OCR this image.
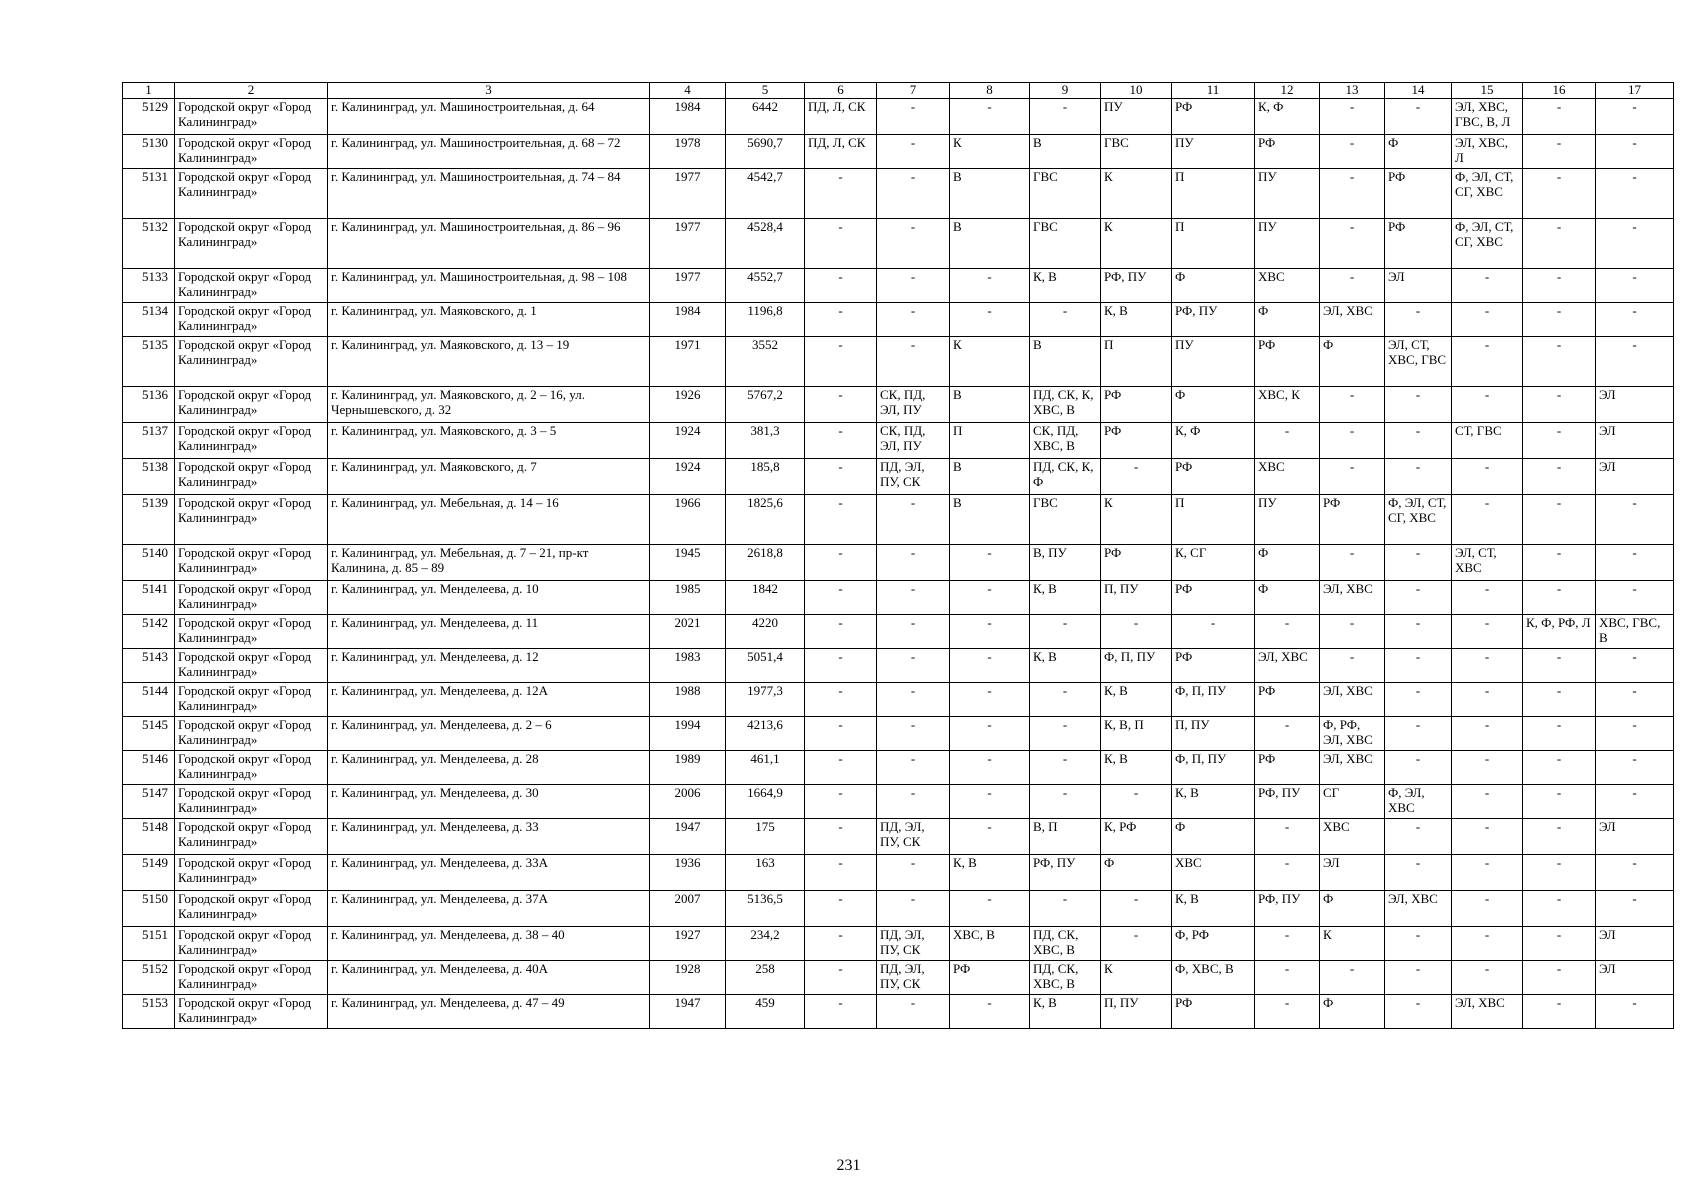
1	2	3	4	5	6	7	8	9	10	11	12	13	14	15	16	17
5129	Городской округ «Город Калининград»	г. Калининград, ул. Машиностроительная, д. 64	1984	6442	ПД, Л, СК	-	-	-	ПУ	РФ	К, Ф	-	-	ЭЛ, ХВС, ГВС, В, Л	-	-
5130	Городской округ «Город Калининград»	г. Калининград, ул. Машиностроительная, д. 68 – 72	1978	5690,7	ПД, Л, СК	-	К	В	ГВС	ПУ	РФ	-	Ф	ЭЛ, ХВС, Л	-	-
5131	Городской округ «Город Калининград»	г. Калининград, ул. Машиностроительная, д. 74 – 84	1977	4542,7	-	-	В	ГВС	К	П	ПУ	-	РФ	Ф, ЭЛ, СТ, СГ, ХВС	-	-
5132	Городской округ «Город Калининград»	г. Калининград, ул. Машиностроительная, д. 86 – 96	1977	4528,4	-	-	В	ГВС	К	П	ПУ	-	РФ	Ф, ЭЛ, СТ, СГ, ХВС	-	-
5133	Городской округ «Город Калининград»	г. Калининград, ул. Машиностроительная, д. 98 – 108	1977	4552,7	-	-	-	К, В	РФ, ПУ	Ф	ХВС	-	ЭЛ	-	-	-
5134	Городской округ «Город Калининград»	г. Калининград, ул. Маяковского, д. 1	1984	1196,8	-	-	-	-	К, В	РФ, ПУ	Ф	ЭЛ, ХВС	-	-	-	-
5135	Городской округ «Город Калининград»	г. Калининград, ул. Маяковского, д. 13 – 19	1971	3552	-	-	К	В	П	ПУ	РФ	Ф	ЭЛ, СТ, ХВС, ГВС	-	-	-
5136	Городской округ «Город Калининград»	г. Калининград, ул. Маяковского, д. 2 – 16, ул. Чернышевского, д. 32	1926	5767,2	-	СК, ПД, ЭЛ, ПУ	В	ПД, СК, К, ХВС, В	РФ	Ф	ХВС, К	-	-	-	-	ЭЛ
5137	Городской округ «Город Калининград»	г. Калининград, ул. Маяковского, д. 3 – 5	1924	381,3	-	СК, ПД, ЭЛ, ПУ	П	СК, ПД, ХВС, В	РФ	К, Ф	-	-	-	СТ, ГВС	-	ЭЛ
5138	Городской округ «Город Калининград»	г. Калининград, ул. Маяковского, д. 7	1924	185,8	-	ПД, ЭЛ, ПУ, СК	В	ПД, СК, К, Ф	-	РФ	ХВС	-	-	-	-	ЭЛ
5139	Городской округ «Город Калининград»	г. Калининград, ул. Мебельная, д. 14 – 16	1966	1825,6	-	-	В	ГВС	К	П	ПУ	РФ	Ф, ЭЛ, СТ, СГ, ХВС	-	-	-
5140	Городской округ «Город Калининград»	г. Калининград, ул. Мебельная, д. 7 – 21, пр-кт Калинина, д. 85 – 89	1945	2618,8	-	-	-	В, ПУ	РФ	К, СГ	Ф	-	-	ЭЛ, СТ, ХВС	-	-
5141	Городской округ «Город Калининград»	г. Калининград, ул. Менделеева, д. 10	1985	1842	-	-	-	К, В	П, ПУ	РФ	Ф	ЭЛ, ХВС	-	-	-	-
5142	Городской округ «Город Калининград»	г. Калининград, ул. Менделеева, д. 11	2021	4220	-	-	-	-	-	-	-	-	-	-	К, Ф, РФ, Л	ХВС, ГВС, В
5143	Городской округ «Город Калининград»	г. Калининград, ул. Менделеева, д. 12	1983	5051,4	-	-	-	К, В	Ф, П, ПУ	РФ	ЭЛ, ХВС	-	-	-	-	-
5144	Городской округ «Город Калининград»	г. Калининград, ул. Менделеева, д. 12А	1988	1977,3	-	-	-	-	К, В	Ф, П, ПУ	РФ	ЭЛ, ХВС	-	-	-	-
5145	Городской округ «Город Калининград»	г. Калининград, ул. Менделеева, д. 2 – 6	1994	4213,6	-	-	-	-	К, В, П	П, ПУ	-	Ф, РФ, ЭЛ, ХВС	-	-	-	-
5146	Городской округ «Город Калининград»	г. Калининград, ул. Менделеева, д. 28	1989	461,1	-	-	-	-	К, В	Ф, П, ПУ	РФ	ЭЛ, ХВС	-	-	-	-
5147	Городской округ «Город Калининград»	г. Калининград, ул. Менделеева, д. 30	2006	1664,9	-	-	-	-	-	К, В	РФ, ПУ	СГ	Ф, ЭЛ, ХВС	-	-	-
5148	Городской округ «Город Калининград»	г. Калининград, ул. Менделеева, д. 33	1947	175	-	ПД, ЭЛ, ПУ, СК	-	В, П	К, РФ	Ф	-	ХВС	-	-	-	ЭЛ
5149	Городской округ «Город Калининград»	г. Калининград, ул. Менделеева, д. 33А	1936	163	-	-	К, В	РФ, ПУ	Ф	ХВС	-	ЭЛ	-	-	-	-
5150	Городской округ «Город Калининград»	г. Калининград, ул. Менделеева, д. 37А	2007	5136,5	-	-	-	-	-	К, В	РФ, ПУ	Ф	ЭЛ, ХВС	-	-	-
5151	Городской округ «Город Калининград»	г. Калининград, ул. Менделеева, д. 38 – 40	1927	234,2	-	ПД, ЭЛ, ПУ, СК	ХВС, В	ПД, СК, ХВС, В	-	Ф, РФ	-	К	-	-	-	ЭЛ
5152	Городской округ «Город Калининград»	г. Калининград, ул. Менделеева, д. 40А	1928	258	-	ПД, ЭЛ, ПУ, СК	РФ	ПД, СК, ХВС, В	К	Ф, ХВС, В	-	-	-	-	-	ЭЛ
5153	Городской округ «Город Калининград»	г. Калининград, ул. Менделеева, д. 47 – 49	1947	459	-	-	-	К, В	П, ПУ	РФ	-	Ф	-	ЭЛ, ХВС	-	-
231
